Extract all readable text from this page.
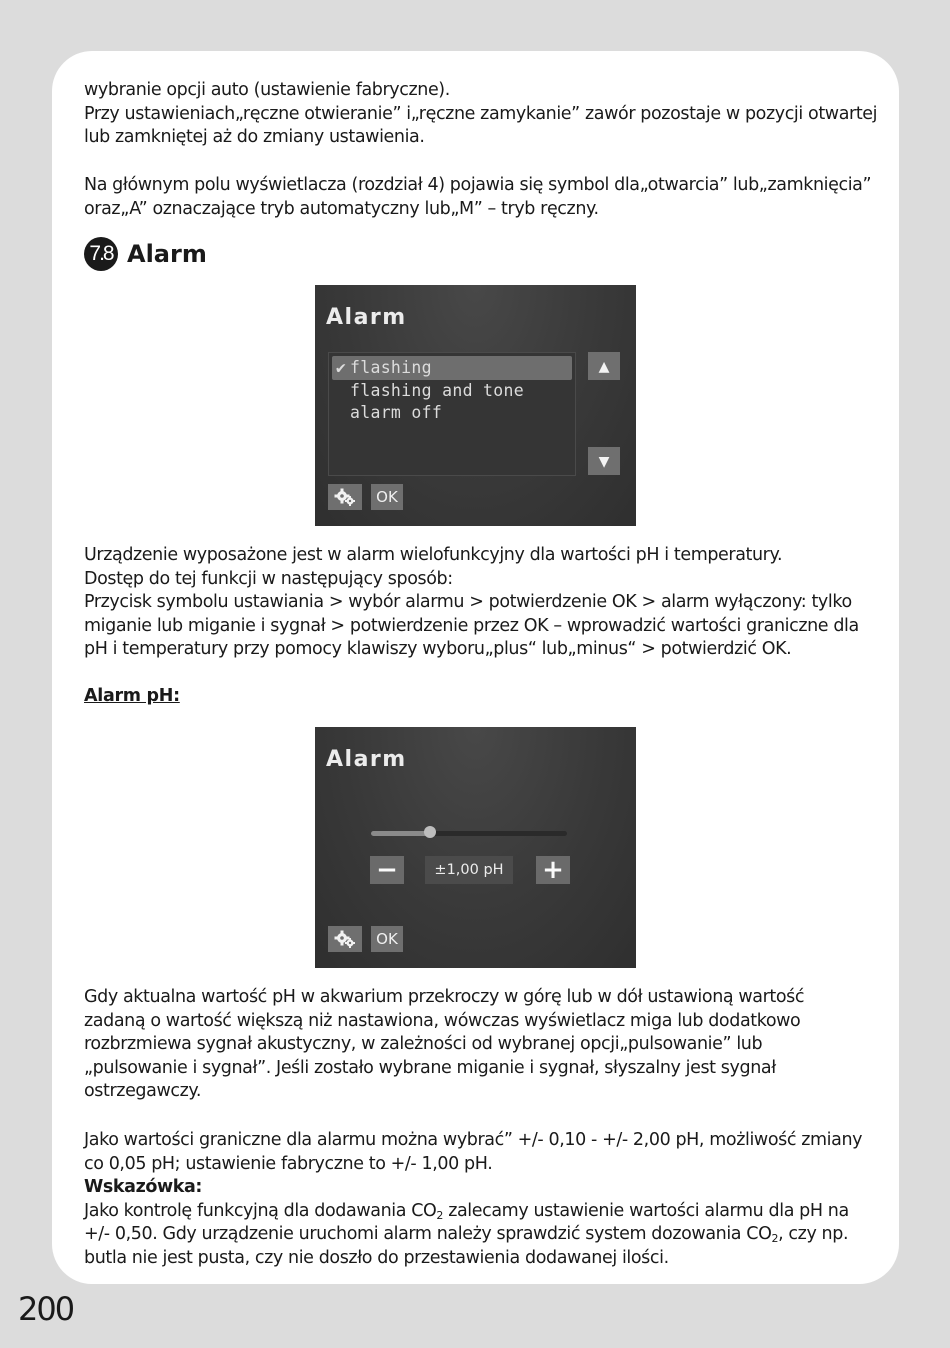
wybranie opcji auto (ustawienie fabryczne).
Przy ustawieniach„ręczne otwieranie” i„ręczne zamykanie” zawór pozostaje w pozycji otwartej
lub zamkniętej aż do zmiany ustawienia.
Na głównym polu wyświetlacza (rozdział 4) pojawia się symbol dla„otwarcia” lub„zamknięcia”
oraz„A” oznaczające tryb automatyczny lub„M” – tryb ręczny.
7.8 Alarm
Alarm
✔ flashing
flashing and tone
alarm off
▲
▼
OK
Urządzenie wyposażone jest w alarm wielofunkcyjny dla wartości pH i temperatury.
Dostęp do tej funkcji w następujący sposób:
Przycisk symbolu ustawiania > wybór alarmu > potwierdzenie OK > alarm wyłączony: tylko
miganie lub miganie i sygnał > potwierdzenie przez OK – wprowadzić wartości graniczne dla
pH i temperatury przy pomocy klawiszy wyboru„plus“ lub„minus“ > potwierdzić OK.
Alarm pH:
Alarm
−	±1,00 pH	+
OK
Gdy aktualna wartość pH w akwarium przekroczy w górę lub w dół ustawioną wartość
zadaną o wartość większą niż nastawiona, wówczas wyświetlacz miga lub dodatkowo
rozbrzmiewa sygnał akustyczny, w zależności od wybranej opcji„pulsowanie” lub
„pulsowanie i sygnał”. Jeśli zostało wybrane miganie i sygnał, słyszalny jest sygnał
ostrzegawczy.
Jako wartości graniczne dla alarmu można wybrać” +/- 0,10 - +/- 2,00 pH, możliwość zmiany
co 0,05 pH; ustawienie fabryczne to +/- 1,00 pH.
Wskazówka:
Jako kontrolę funkcyjną dla dodawania $CO_2$ zalecamy ustawienie wartości alarmu dla pH na
+/- 0,50. Gdy urządzenie uruchomi alarm należy sprawdzić system dozowania $CO_2$, czy np.
butla nie jest pusta, czy nie doszło do przestawienia dodawanej ilości.
200
